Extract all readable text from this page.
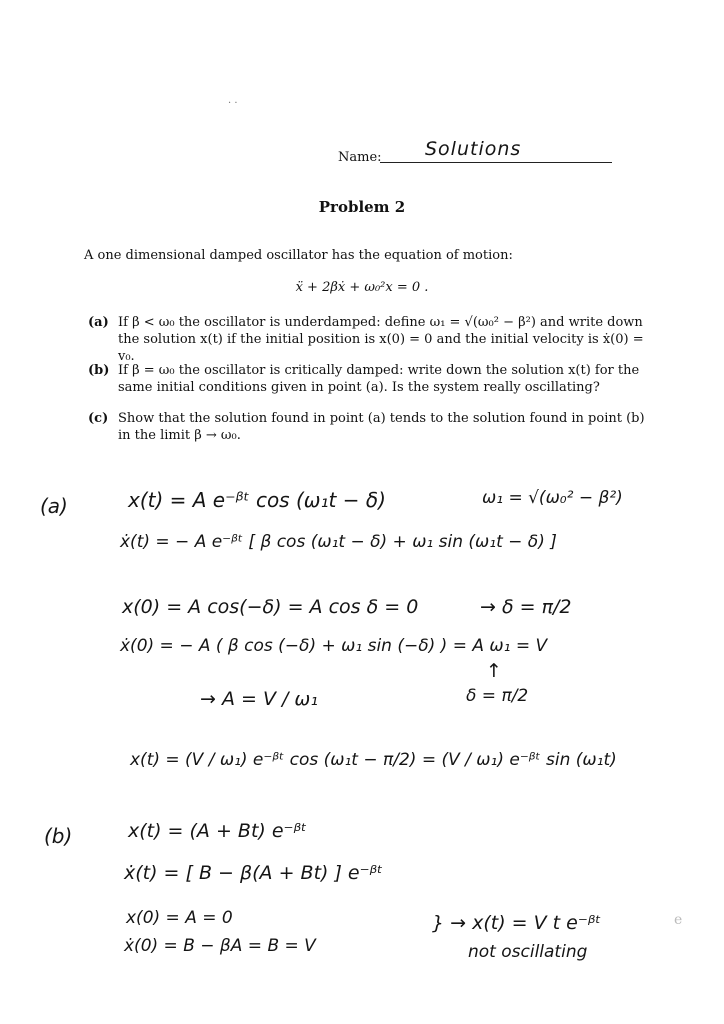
· ·
Name: Solutions
Problem 2
A one dimensional damped oscillator has the equation of motion:
ẍ + 2βẋ + ω₀²x = 0 .
(a) If β < ω₀ the oscillator is underdamped: define ω₁ = √(ω₀² − β²) and write down the solution x(t) if the initial position is x(0) = 0 and the initial velocity is ẋ(0) = v₀.
(b) If β = ω₀ the oscillator is critically damped: write down the solution x(t) for the same initial conditions given in point (a). Is the system really oscillating?
(c) Show that the solution found in point (a) tends to the solution found in point (b) in the limit β → ω₀.
(a)	x(t) = A e⁻ᵝᵗ cos (ω₁t − δ)	ω₁ = √(ω₀² − β²)
ẋ(t) = − A e⁻ᵝᵗ [ β cos (ω₁t − δ) + ω₁ sin (ω₁t − δ) ]
x(0) = A cos(−δ) = A cos δ = 0	→ δ = π/2
ẋ(0) = − A ( β cos (−δ) + ω₁ sin (−δ) ) = A ω₁ = V
↑
δ = π/2
→ A = V / ω₁
x(t) = (V / ω₁) e⁻ᵝᵗ cos (ω₁t − π/2) = (V / ω₁) e⁻ᵝᵗ sin (ω₁t)
(b)	x(t) = (A + Bt) e⁻ᵝᵗ
ẋ(t) = [ B − β(A + Bt) ] e⁻ᵝᵗ
x(0) = A = 0
ẋ(0) = B − βA = B = V
} → x(t) = V t e⁻ᵝᵗ
not oscillating
e
